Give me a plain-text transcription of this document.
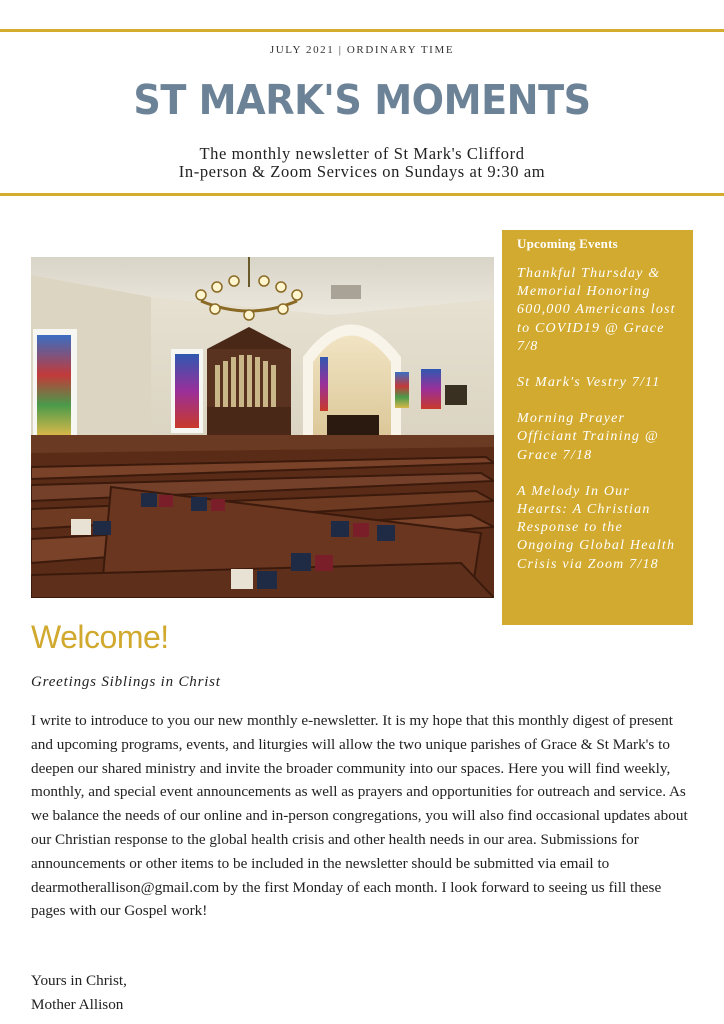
JULY 2021 | ORDINARY TIME
ST MARK'S MOMENTS
The monthly newsletter of St Mark's Clifford
In-person & Zoom Services on Sundays at 9:30 am
Upcoming Events
Thankful Thursday & Memorial Honoring 600,000 Americans lost to COVID19 @ Grace 7/8
St Mark's Vestry 7/11
Morning Prayer Officiant Training @ Grace 7/18
A Melody In Our Hearts: A Christian Response to the Ongoing Global Health Crisis via Zoom 7/18
Welcome!
Greetings Siblings in Christ
I write to introduce to you our new monthly e-newsletter. It is my hope that this monthly digest of present and upcoming programs, events, and liturgies will allow the two unique parishes of Grace & St Mark's to deepen our shared ministry and invite the broader community into our spaces. Here you will find weekly, monthly, and special event announcements as well as prayers and opportunities for outreach and service. As we balance the needs of our online and in-person congregations, you will also find occasional updates about our Christian response to the global health crisis and other health needs in our area. Submissions for announcements or other items to be included in the newsletter should be submitted via email to dearmotherallison@gmail.com by the first Monday of each month. I look forward to seeing us fill these pages with our Gospel work!
Yours in Christ,
Mother Allison
